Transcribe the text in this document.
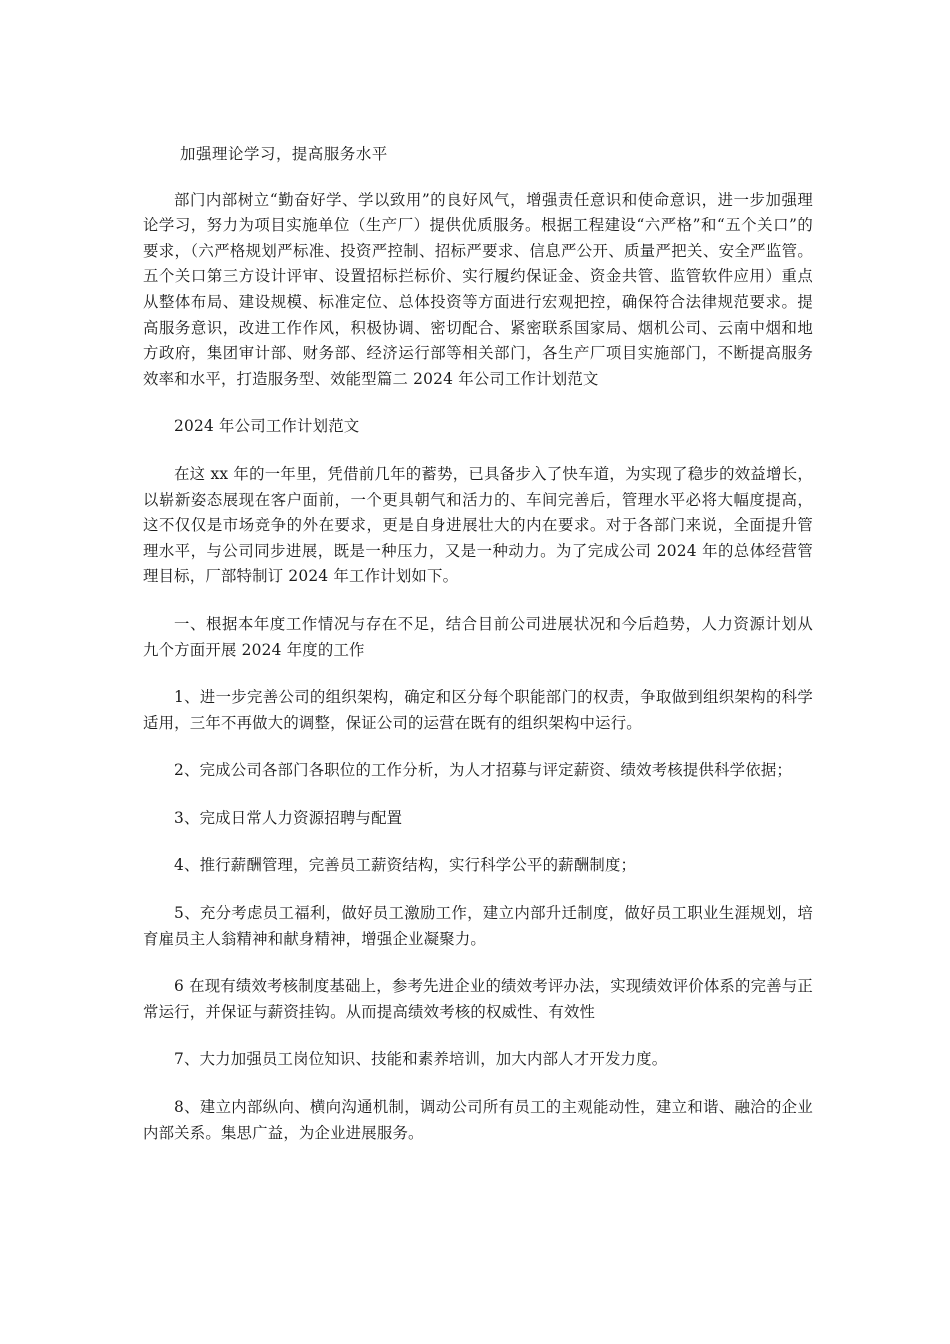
加强理论学习，提高服务水平

部门内部树立“勤奋好学、学以致用”的良好风气，增强责任意识和使命意识，进一步加强理论学习，努力为项目实施单位（生产厂）提供优质服务。根据工程建设“六严格”和“五个关口”的要求，（六严格规划严标准、投资严控制、招标严要求、信息严公开、质量严把关、安全严监管。五个关口第三方设计评审、设置招标拦标价、实行履约保证金、资金共管、监管软件应用）重点从整体布局、建设规模、标准定位、总体投资等方面进行宏观把控，确保符合法律规范要求。提高服务意识，改进工作作风，积极协调、密切配合、紧密联系国家局、烟机公司、云南中烟和地方政府，集团审计部、财务部、经济运行部等相关部门，各生产厂项目实施部门，不断提高服务效率和水平，打造服务型、效能型篇二 2024 年公司工作计划范文

2024 年公司工作计划范文

在这 xx 年的一年里，凭借前几年的蓄势，已具备步入了快车道，为实现了稳步的效益增长，以崭新姿态展现在客户面前，一个更具朝气和活力的、车间完善后，管理水平必将大幅度提高，这不仅仅是市场竞争的外在要求，更是自身进展壮大的内在要求。对于各部门来说，全面提升管理水平，与公司同步进展，既是一种压力，又是一种动力。为了完成公司 2024 年的总体经营管理目标，厂部特制订 2024 年工作计划如下。

一、根据本年度工作情况与存在不足，结合目前公司进展状况和今后趋势，人力资源计划从九个方面开展 2024 年度的工作

1、进一步完善公司的组织架构，确定和区分每个职能部门的权责，争取做到组织架构的科学适用，三年不再做大的调整，保证公司的运营在既有的组织架构中运行。

2、完成公司各部门各职位的工作分析，为人才招募与评定薪资、绩效考核提供科学依据；

3、完成日常人力资源招聘与配置

4、推行薪酬管理，完善员工薪资结构，实行科学公平的薪酬制度；

5、充分考虑员工福利，做好员工激励工作，建立内部升迁制度，做好员工职业生涯规划，培育雇员主人翁精神和献身精神，增强企业凝聚力。

6 在现有绩效考核制度基础上，参考先进企业的绩效考评办法，实现绩效评价体系的完善与正常运行，并保证与薪资挂钩。从而提高绩效考核的权威性、有效性

7、大力加强员工岗位知识、技能和素养培训，加大内部人才开发力度。

8、建立内部纵向、横向沟通机制，调动公司所有员工的主观能动性，建立和谐、融洽的企业内部关系。集思广益，为企业进展服务。
